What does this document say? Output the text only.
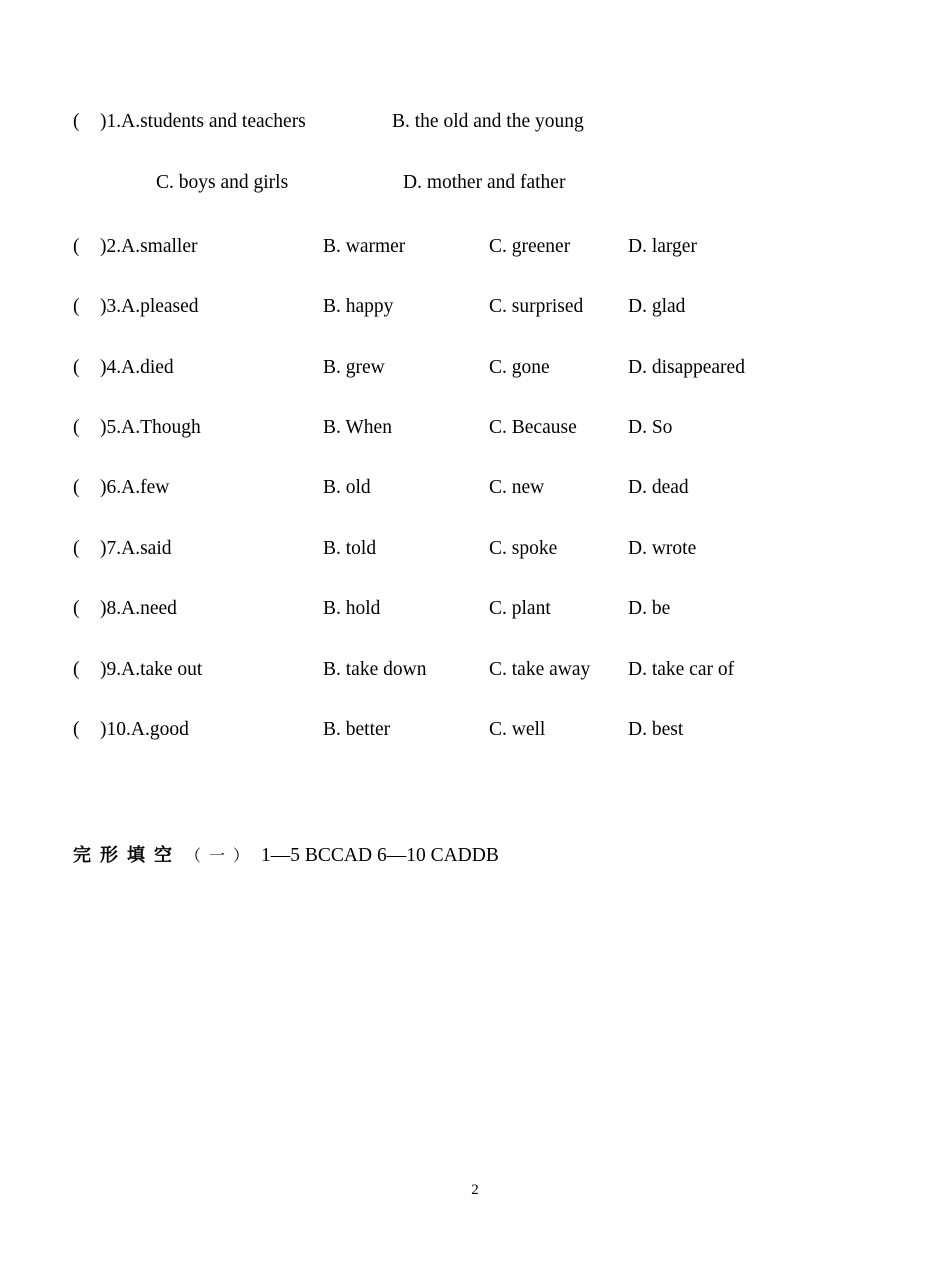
( )1.A.students and teachers	B. the old and the young
C. boys and girls	D. mother and father
( )2.A.smaller	B. warmer	C. greener	D. larger
( )3.A.pleased	B. happy	C. surprised D. glad
( )4.A.died	B. grew	C. gone	D. disappeared
( )5.A.Though	B. When	C. Because	D. So
( )6.A.few	B. old	C. new	D. dead
( )7.A.said	B. told	C. spoke	D. wrote
( )8.A.need	B. hold	C. plant	D. be
( )9.A.take out	B. take down	C. take away D. take car of
( )10.A.good	B. better	C. well	D. best
完形填空 （一） 1—5 BCCAD 6—10 CADDB
2
